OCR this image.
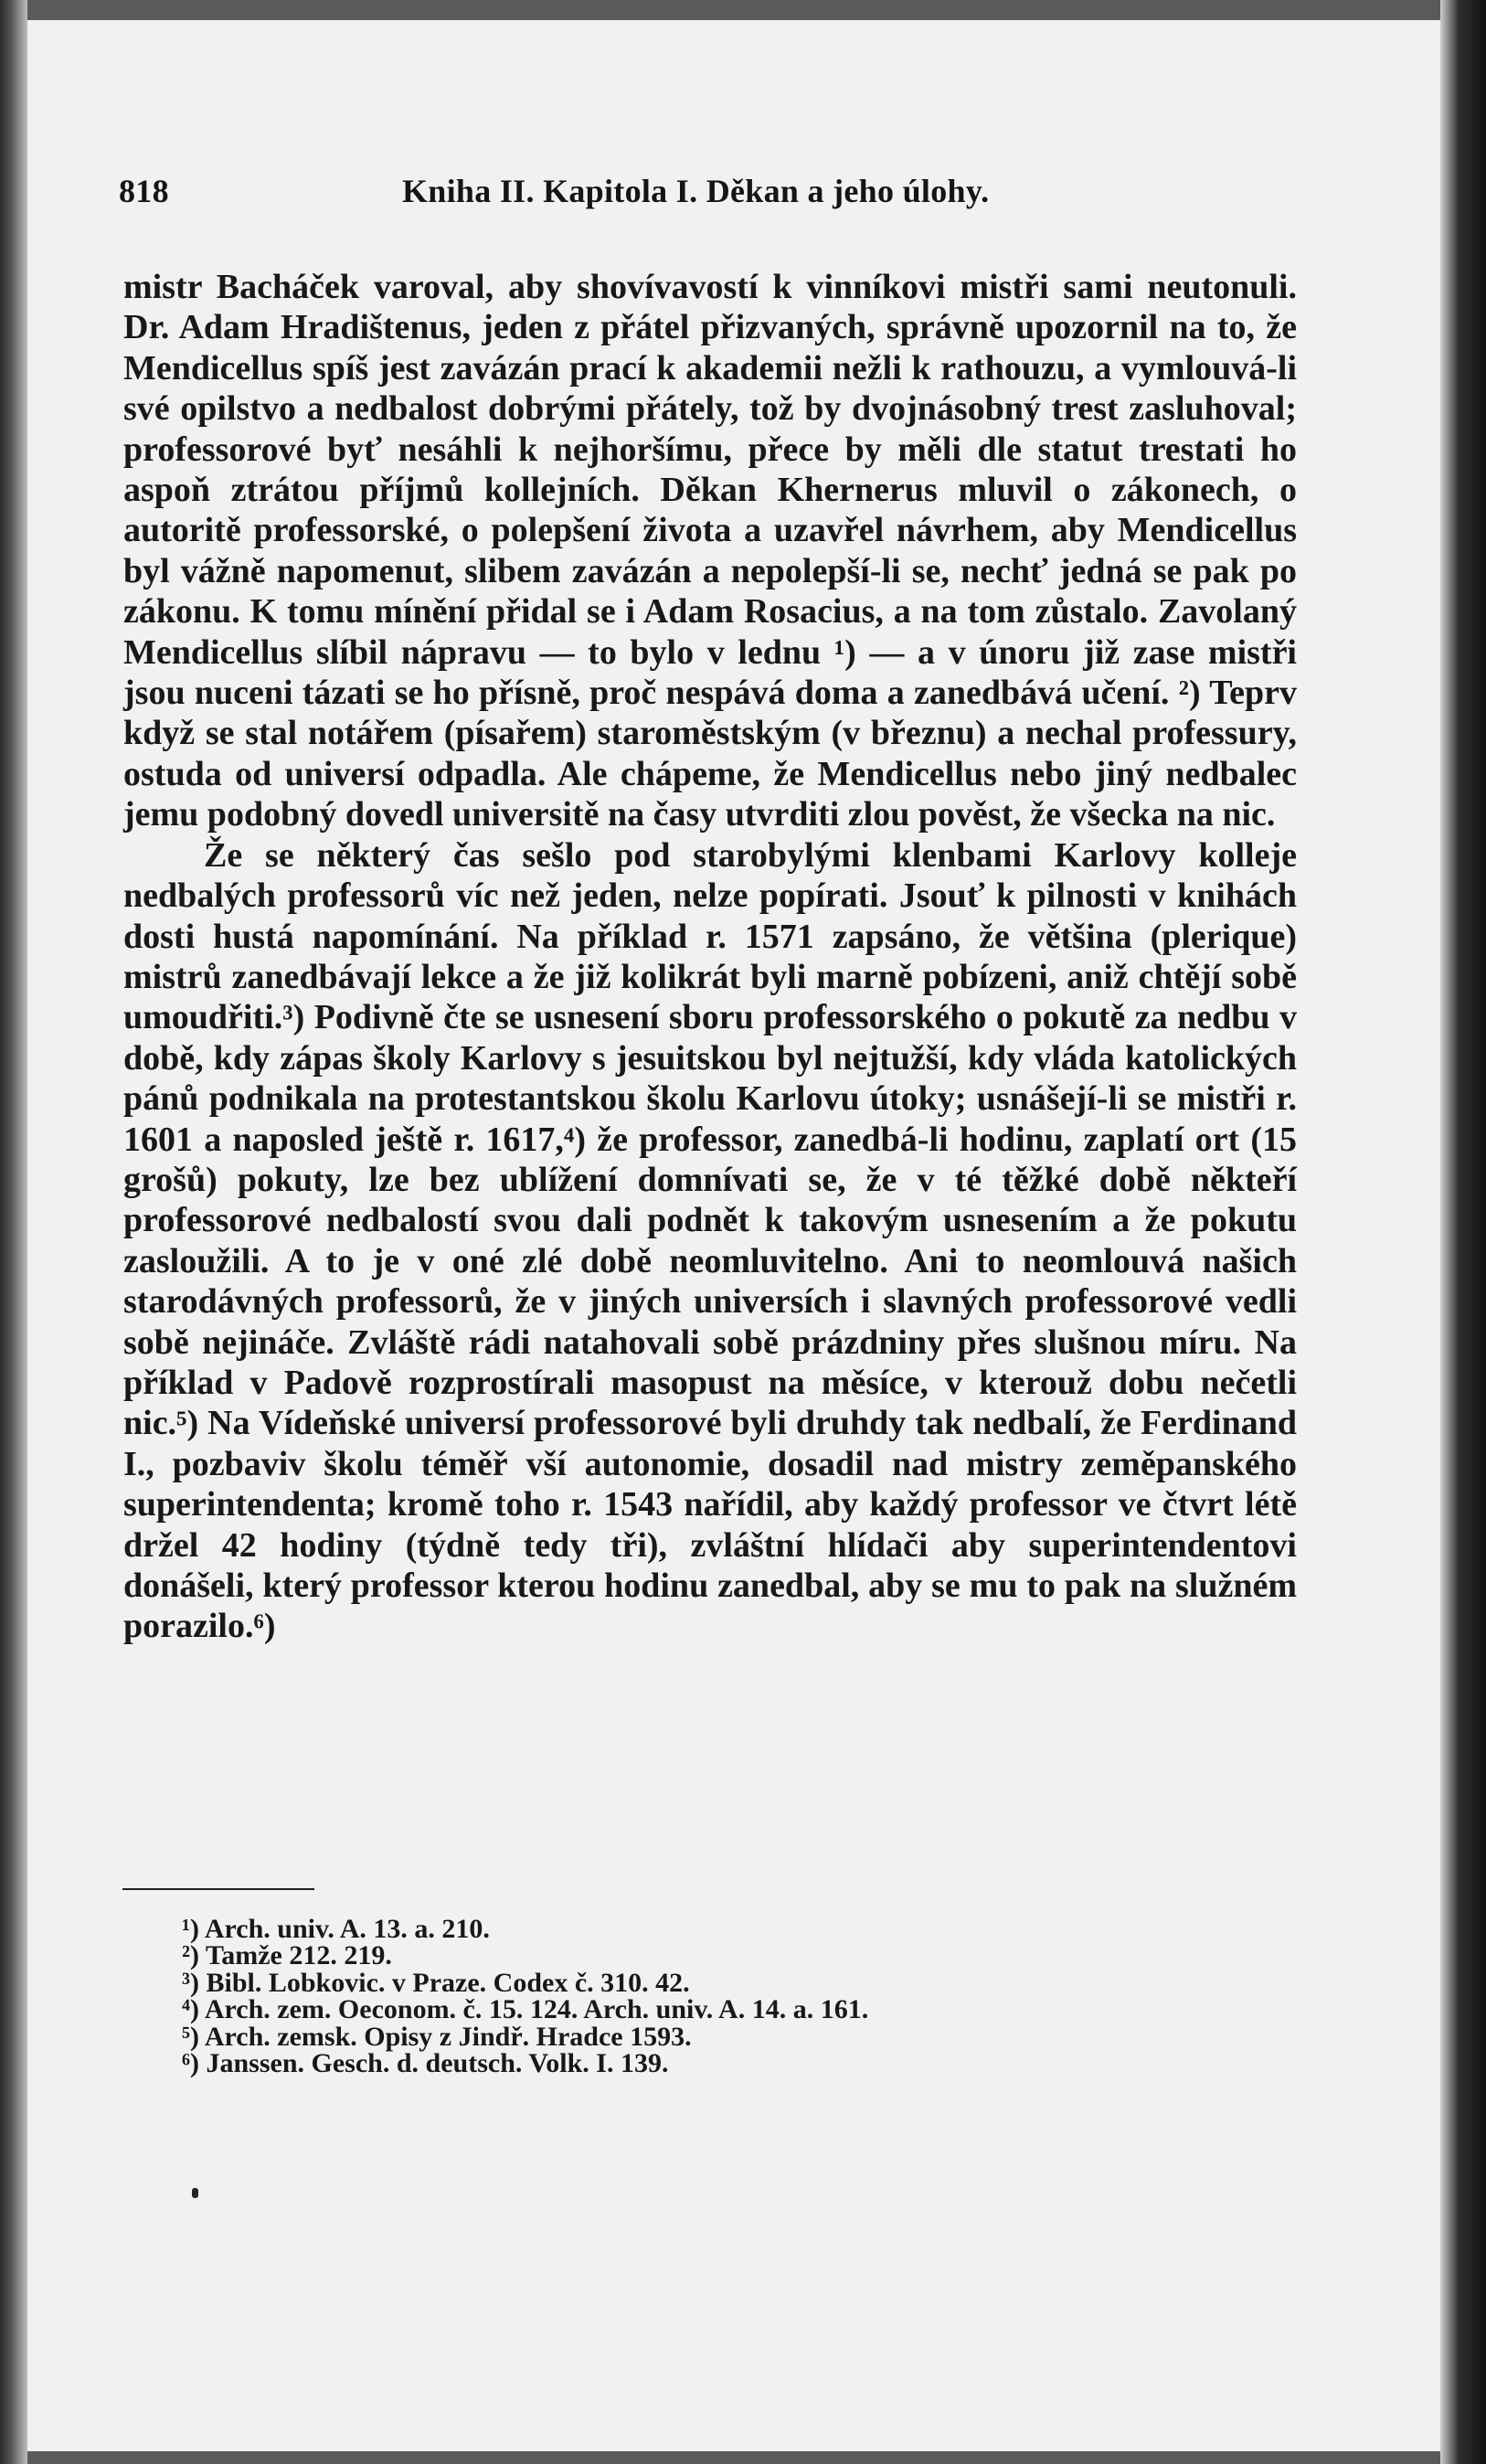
818	Kniha II. Kapitola I. Děkan a jeho úlohy.

mistr Bacháček varoval, aby shovívavostí k vinníkovi mistři sami neutonuli. Dr. Adam Hradištenus, jeden z přátel přizvaných, správně upozornil na to, že Mendicellus spíš jest zavázán prací k akademii nežli k rathouzu, a vymlouvá-li své opilstvo a nedbalost dobrými přátely, tož by dvojnásobný trest zasluhoval; professorové byť nesáhli k nejhoršímu, přece by měli dle statut trestati ho aspoň ztrátou příjmů kollejních. Děkan Khernerus mluvil o zákonech, o autoritě professorské, o polepšení života a uzavřel návrhem, aby Mendicellus byl vážně napomenut, slibem zavázán a nepolepší-li se, nechť jedná se pak po zákonu. K tomu mínění přidal se i Adam Rosacius, a na tom zůstalo. Zavolaný Mendicellus slíbil nápravu — to bylo v lednu ¹) — a v únoru již zase mistři jsou nuceni tázati se ho přísně, proč nespává doma a zanedbává učení. ²) Teprv když se stal notářem (písařem) staroměstským (v březnu) a nechal professury, ostuda od universí odpadla. Ale chápeme, že Mendicellus nebo jiný nedbalec jemu podobný dovedl universitě na časy utvrditi zlou pověst, že všecka na nic.

Že se některý čas sešlo pod starobylými klenbami Karlovy kolleje nedbalých professorů víc než jeden, nelze popírati. Jsouť k pilnosti v knihách dosti hustá napomínání. Na příklad r. 1571 zapsáno, že většina (plerique) mistrů zanedbávají lekce a že již kolikrát byli marně pobízeni, aniž chtějí sobě umoudřiti.³) Podivně čte se usnesení sboru professorského o pokutě za nedbu v době, kdy zápas školy Karlovy s jesuitskou byl nejtužší, kdy vláda katolických pánů podnikala na protestantskou školu Karlovu útoky; usnášejí-li se mistři r. 1601 a naposled ještě r. 1617,⁴) že professor, zanedbá-li hodinu, zaplatí ort (15 grošů) pokuty, lze bez ublížení domnívati se, že v té těžké době někteří professorové nedbalostí svou dali podnět k takovým usnesením a že pokutu zasloužili. A to je v oné zlé době neomluvitelno. Ani to neomlouvá našich starodávných professorů, že v jiných universích i slavných professorové vedli sobě nejináče. Zvláště rádi natahovali sobě prázdniny přes slušnou míru. Na příklad v Padově rozprostírali masopust na měsíce, v kterouž dobu nečetli nic.⁵) Na Vídeňské universí professorové byli druhdy tak nedbalí, že Ferdinand I., pozbaviv školu téměř vší autonomie, dosadil nad mistry zeměpanského superintendenta; kromě toho r. 1543 nařídil, aby každý professor ve čtvrt létě držel 42 hodiny (týdně tedy tři), zvláštní hlídači aby superintendentovi donášeli, který professor kterou hodinu zanedbal, aby se mu to pak na služném porazilo.⁶)

¹) Arch. univ. A. 13. a. 210.
²) Tamže 212. 219.
³) Bibl. Lobkovic. v Praze. Codex č. 310. 42.
⁴) Arch. zem. Oeconom. č. 15. 124. Arch. univ. A. 14. a. 161.
⁵) Arch. zemsk. Opisy z Jindř. Hradce 1593.
⁶) Janssen. Gesch. d. deutsch. Volk. I. 139.
